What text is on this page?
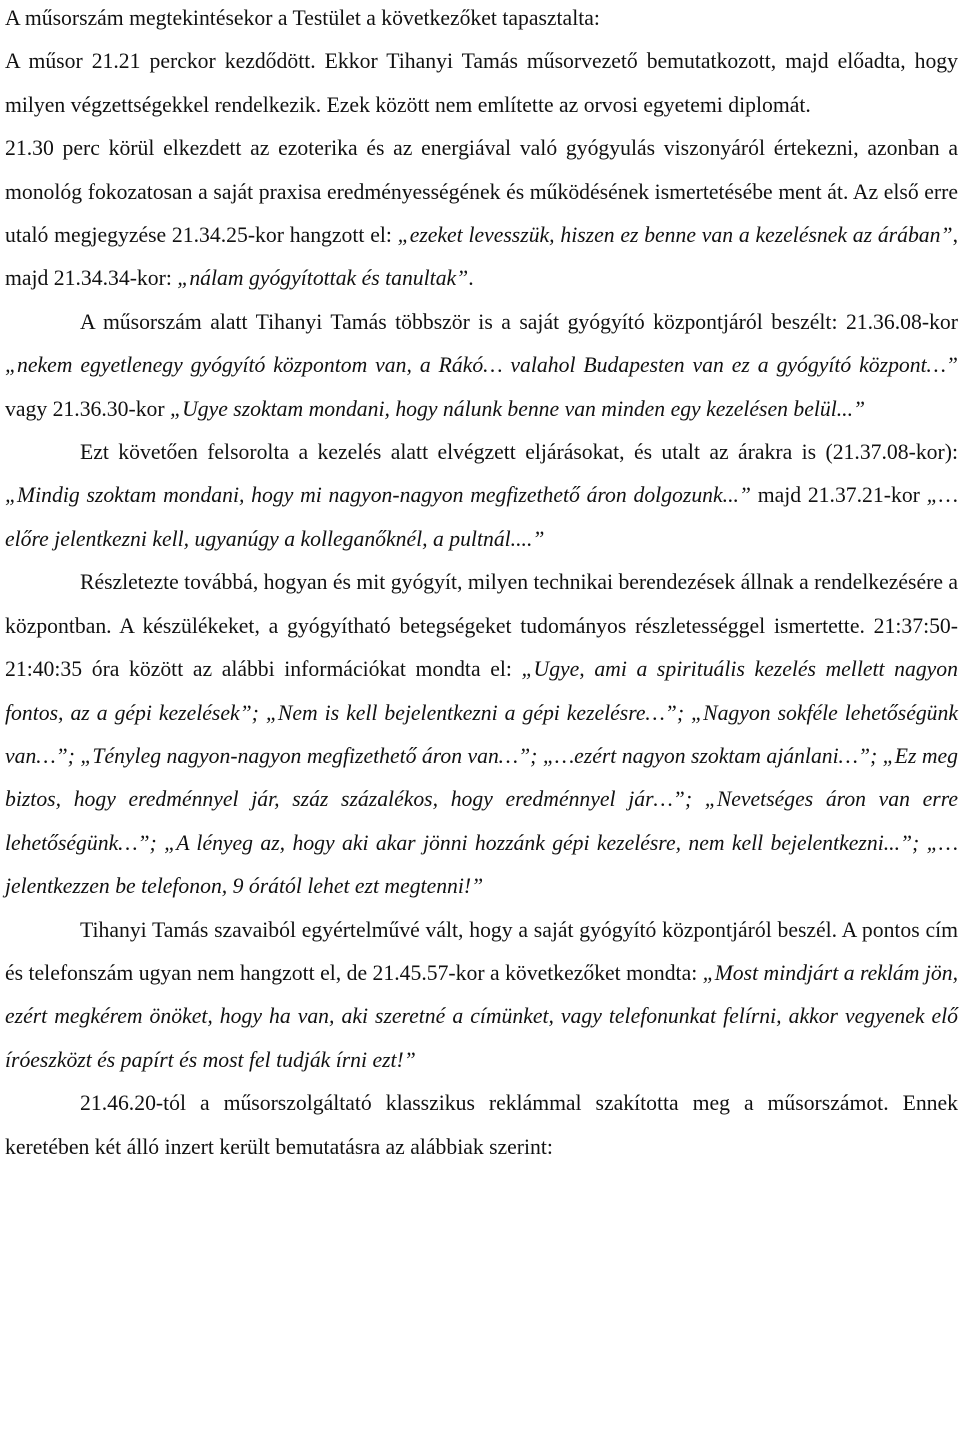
A műsorszám megtekintésekor a Testület a következőket tapasztalta:

A műsor 21.21 perckor kezdődött. Ekkor Tihanyi Tamás műsorvezető bemutatkozott, majd előadta, hogy milyen végzettségekkel rendelkezik. Ezek között nem említette az orvosi egyetemi diplomát.

21.30 perc körül elkezdett az ezoterika és az energiával való gyógyulás viszonyáról értekezni, azonban a monológ fokozatosan a saját praxisa eredményességének és működésének ismertetésébe ment át. Az első erre utaló megjegyzése 21.34.25-kor hangzott el: „ezeket levesszük, hiszen ez benne van a kezelésnek az árában”, majd 21.34.34-kor: „nálam gyógyítottak és tanultak”.

A műsorszám alatt Tihanyi Tamás többször is a saját gyógyító központjáról beszélt: 21.36.08-kor „nekem egyetlenegy gyógyító központom van, a Rákó… valahol Budapesten van ez a gyógyító központ…” vagy 21.36.30-kor „Ugye szoktam mondani, hogy nálunk benne van minden egy kezelésen belül...”

Ezt követően felsorolta a kezelés alatt elvégzett eljárásokat, és utalt az árakra is (21.37.08-kor): „Mindig szoktam mondani, hogy mi nagyon-nagyon megfizethető áron dolgozunk...” majd 21.37.21-kor „…előre jelentkezni kell, ugyanúgy a kolleganőknél, a pultnál....”

Részletezte továbbá, hogyan és mit gyógyít, milyen technikai berendezések állnak a rendelkezésére a központban. A készülékeket, a gyógyítható betegségeket tudományos részletességgel ismertette. 21:37:50-21:40:35 óra között az alábbi információkat mondta el: „Ugye, ami a spirituális kezelés mellett nagyon fontos, az a gépi kezelések”; „Nem is kell bejelentkezni a gépi kezelésre…”; „Nagyon sokféle lehetőségünk van…”; „Tényleg nagyon-nagyon megfizethető áron van…”; „…ezért nagyon szoktam ajánlani…”; „Ez meg biztos, hogy eredménnyel jár, száz százalékos, hogy eredménnyel jár…”; „Nevetséges áron van erre lehetőségünk…”; „A lényeg az, hogy aki akar jönni hozzánk gépi kezelésre, nem kell bejelentkezni...”; „…jelentkezzen be telefonon, 9 órától lehet ezt megtenni!”

Tihanyi Tamás szavaiból egyértelművé vált, hogy a saját gyógyító központjáról beszél. A pontos cím és telefonszám ugyan nem hangzott el, de 21.45.57-kor a következőket mondta: „Most mindjárt a reklám jön, ezért megkérem önöket, hogy ha van, aki szeretné a címünket, vagy telefonunkat felírni, akkor vegyenek elő íróeszközt és papírt és most fel tudják írni ezt!”

21.46.20-tól a műsorszolgáltató klasszikus reklámmal szakította meg a műsorszámot. Ennek keretében két álló inzert került bemutatásra az alábbiak szerint:
